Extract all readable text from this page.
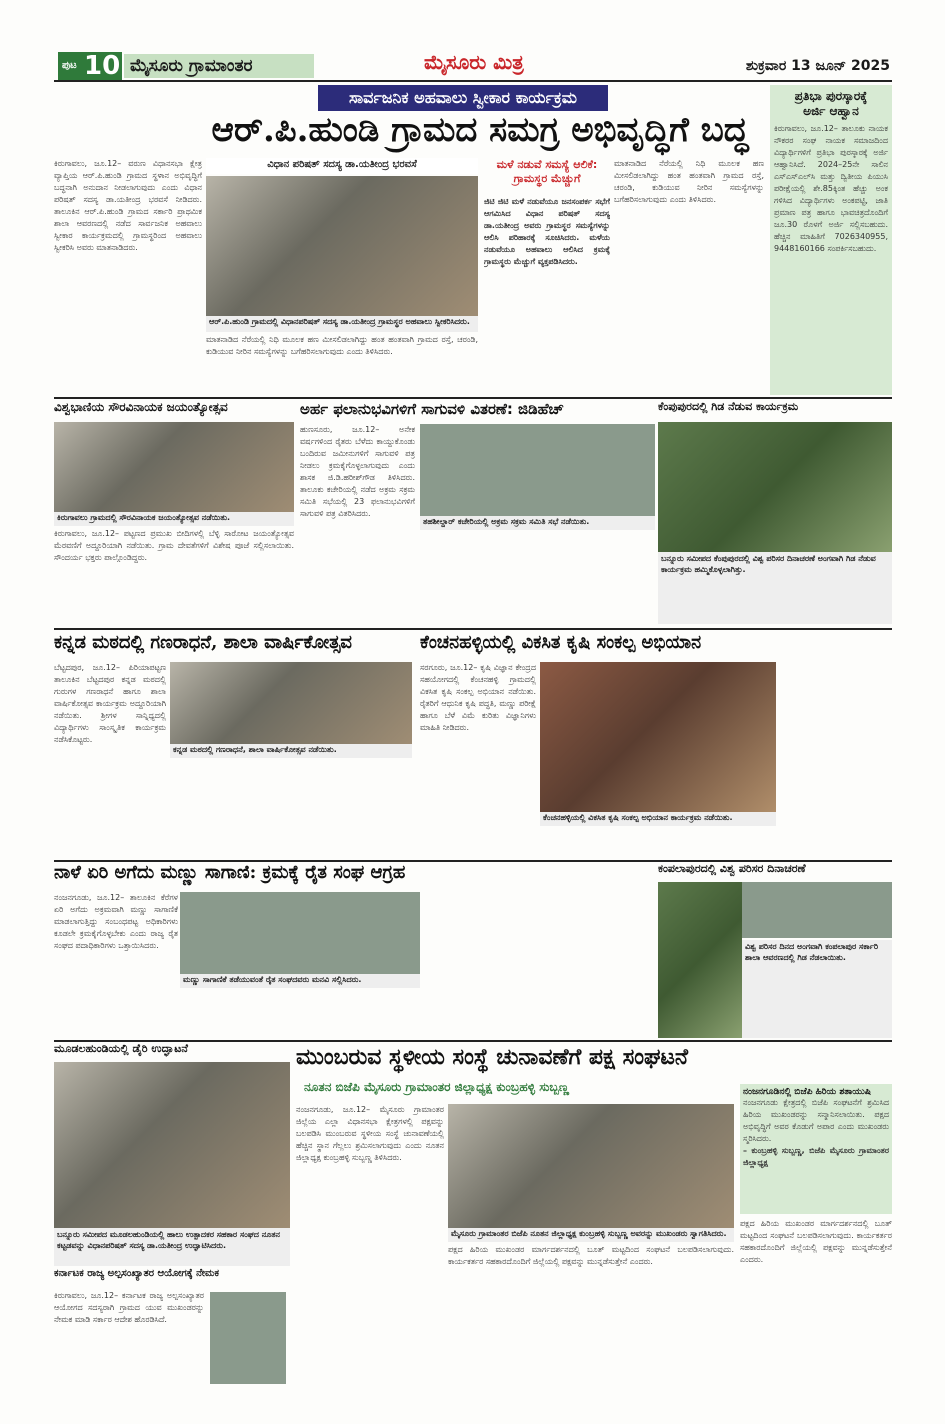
ಪುಟ 10 ಮೈಸೂರು ಗ್ರಾಮಾಂತರ	ಮೈಸೂರು ಮಿತ್ರ	ಶುಕ್ರವಾರ 13 ಜೂನ್ 2025
ಸಾರ್ವಜನಿಕ ಅಹವಾಲು ಸ್ವೀಕಾರ ಕಾರ್ಯಕ್ರಮ
ಆರ್.ಪಿ.ಹುಂಡಿ ಗ್ರಾಮದ ಸಮಗ್ರ ಅಭಿವೃದ್ಧಿಗೆ ಬದ್ಧ
ಕಿರುಗಾವಲು, ಜೂ.12– ವರುಣ ವಿಧಾನಸಭಾ ಕ್ಷೇತ್ರ ವ್ಯಾಪ್ತಿಯ ಆರ್.ಪಿ.ಹುಂಡಿ ಗ್ರಾಮದ ಸ್ಥಳಾನ ಅಭಿವೃದ್ಧಿಗೆ ಬದ್ಧನಾಗಿ ಅನುದಾನ ನೀಡಲಾಗುವುದು ಎಂದು ವಿಧಾನ ಪರಿಷತ್ ಸದಸ್ಯ ಡಾ.ಯತೀಂದ್ರ ಭರವಸೆ ನೀಡಿದರು. ತಾಲೂಕಿನ ಆರ್.ಪಿ.ಹುಂಡಿ ಗ್ರಾಮದ ಸರ್ಕಾರಿ ಪ್ರಾಥಮಿಕ ಶಾಲಾ ಆವರಣದಲ್ಲಿ ನಡೆದ ಸಾರ್ವಜನಿಕ ಅಹವಾಲು ಸ್ವೀಕಾರ ಕಾರ್ಯಕ್ರಮದಲ್ಲಿ ಗ್ರಾಮಸ್ಥರಿಂದ ಅಹವಾಲು ಸ್ವೀಕರಿಸಿ ಅವರು ಮಾತನಾಡಿದರು.
ವಿಧಾನ ಪರಿಷತ್ ಸದಸ್ಯ ಡಾ.ಯತೀಂದ್ರ ಭರವಸೆ
ಆರ್.ಪಿ.ಹುಂಡಿ ಗ್ರಾಮದಲ್ಲಿ ವಿಧಾನಪರಿಷತ್ ಸದಸ್ಯ ಡಾ.ಯತೀಂದ್ರ ಗ್ರಾಮಸ್ಥರ ಅಹವಾಲು ಸ್ವೀಕರಿಸಿದರು.
ಮಾತನಾಡಿದ ನೆರೆಯಲ್ಲಿ ನಿಧಿ ಮೂಲಕ ಹಣ ಮೀಸಲಿಡಲಾಗಿದ್ದು ಹಂತ ಹಂತವಾಗಿ ಗ್ರಾಮದ ರಸ್ತೆ, ಚರಂಡಿ, ಕುಡಿಯುವ ನೀರಿನ ಸಮಸ್ಯೆಗಳನ್ನು ಬಗೆಹರಿಸಲಾಗುವುದು ಎಂದು ತಿಳಿಸಿದರು.
ಮಳೆ ನಡುವೆ ಸಮಸ್ಯೆ ಆಲಿಕೆ: ಗ್ರಾಮಸ್ಥರ ಮೆಚ್ಚುಗೆ
ಜಿಟಿ ಜಿಟಿ ಮಳೆ ನಡುವೆಯೂ ಜನಸಂಪರ್ಕ ಸಭೆಗೆ ಆಗಮಿಸಿದ ವಿಧಾನ ಪರಿಷತ್ ಸದಸ್ಯ ಡಾ.ಯತೀಂದ್ರ ಅವರು ಗ್ರಾಮಸ್ಥರ ಸಮಸ್ಯೆಗಳನ್ನು ಆಲಿಸಿ ಪರಿಹಾರಕ್ಕೆ ಸೂಚಿಸಿದರು. ಮಳೆಯ ನಡುವೆಯೂ ಅಹವಾಲು ಆಲಿಸಿದ ಕ್ರಮಕ್ಕೆ ಗ್ರಾಮಸ್ಥರು ಮೆಚ್ಚುಗೆ ವ್ಯಕ್ತಪಡಿಸಿದರು.
ಮಾತನಾಡಿದ ನೆರೆಯಲ್ಲಿ ನಿಧಿ ಮೂಲಕ ಹಣ ಮೀಸಲಿಡಲಾಗಿದ್ದು ಹಂತ ಹಂತವಾಗಿ ಗ್ರಾಮದ ರಸ್ತೆ, ಚರಂಡಿ, ಕುಡಿಯುವ ನೀರಿನ ಸಮಸ್ಯೆಗಳನ್ನು ಬಗೆಹರಿಸಲಾಗುವುದು ಎಂದು ತಿಳಿಸಿದರು.
ಪ್ರತಿಭಾ ಪುರಸ್ಕಾರಕ್ಕೆ
ಅರ್ಜಿ ಆಹ್ವಾನ
ಕಿರುಗಾವಲು, ಜೂ.12– ತಾಲೂಕು ನಾಯಕ ನೌಕರರ ಸಂಘ ನಾಯಕ ಸಮಾಜದಿಂದ ವಿದ್ಯಾರ್ಥಿಗಳಿಗೆ ಪ್ರತಿಭಾ ಪುರಸ್ಕಾರಕ್ಕೆ ಅರ್ಜಿ ಆಹ್ವಾನಿಸಿದೆ. 2024–25ನೇ ಸಾಲಿನ ಎಸ್‌ಎಸ್‌ಎಲ್‌ಸಿ ಮತ್ತು ದ್ವಿತೀಯ ಪಿಯುಸಿ ಪರೀಕ್ಷೆಯಲ್ಲಿ ಶೇ.85ಕ್ಕಿಂತ ಹೆಚ್ಚು ಅಂಕ ಗಳಿಸಿದ ವಿದ್ಯಾರ್ಥಿಗಳು ಅಂಕಪಟ್ಟಿ, ಜಾತಿ ಪ್ರಮಾಣ ಪತ್ರ ಹಾಗೂ ಭಾವಚಿತ್ರದೊಂದಿಗೆ ಜೂ.30 ರೊಳಗೆ ಅರ್ಜಿ ಸಲ್ಲಿಸಬಹುದು. ಹೆಚ್ಚಿನ ಮಾಹಿತಿಗೆ 7026340955, 9448160166 ಸಂಪರ್ಕಿಸಬಹುದು.
ವಿಶ್ವಭಾಣಿಯ ಸೌರವಿನಾಯಕ ಜಯಂತ್ಯೋತ್ಸವ
ಕಿರುಗಾವಲು ಗ್ರಾಮದಲ್ಲಿ ಸೌರವಿನಾಯಕ ಜಯಂತ್ಯೋತ್ಸವ ನಡೆಯಿತು.
ಕಿರುಗಾವಲು, ಜೂ.12– ಪಟ್ಟಣದ ಪ್ರಮುಖ ಬೀದಿಗಳಲ್ಲಿ ಬೆಳ್ಳಿ ಸಾರೋಟ ಜಯಂತ್ಯೋತ್ಸವ ಮೆರವಣಿಗೆ ಅದ್ದೂರಿಯಾಗಿ ನಡೆಯಿತು. ಗ್ರಾಮ ದೇವತೆಗಳಿಗೆ ವಿಶೇಷ ಪೂಜೆ ಸಲ್ಲಿಸಲಾಯಿತು. ಸೌಂದರ್ಯ ಭಕ್ತರು ಪಾಲ್ಗೊಂಡಿದ್ದರು.
ಅರ್ಹ ಫಲಾನುಭವಿಗಳಿಗೆ ಸಾಗುವಳಿ ವಿತರಣೆ: ಜಿಡಿಹೆಚ್
ಹುಣಸೂರು, ಜೂ.12– ಅನೇಕ ವರ್ಷಗಳಿಂದ ರೈತರು ಬೆಳೆದು ಕಾಯ್ದುಕೊಂಡು ಬಂದಿರುವ ಜಮೀನುಗಳಿಗೆ ಸಾಗುವಳಿ ಪತ್ರ ನೀಡಲು ಕ್ರಮಕೈಗೊಳ್ಳಲಾಗುವುದು ಎಂದು ಶಾಸಕ ಜಿ.ಡಿ.ಹರೀಶ್‌ಗೌಡ ತಿಳಿಸಿದರು. ತಾಲೂಕು ಕಚೇರಿಯಲ್ಲಿ ನಡೆದ ಅಕ್ರಮ ಸಕ್ರಮ ಸಮಿತಿ ಸಭೆಯಲ್ಲಿ 23 ಫಲಾನುಭವಿಗಳಿಗೆ ಸಾಗುವಳಿ ಪತ್ರ ವಿತರಿಸಿದರು.
ತಹಶೀಲ್ದಾರ್ ಕಚೇರಿಯಲ್ಲಿ ಅಕ್ರಮ ಸಕ್ರಮ ಸಮಿತಿ ಸಭೆ ನಡೆಯಿತು.
ಕೆಂಪುಪುರದಲ್ಲಿ ಗಿಡ ನೆಡುವ ಕಾರ್ಯಕ್ರಮ
ಬನ್ನೂರು ಸಮೀಪದ ಕೆಂಪುಪುರದಲ್ಲಿ ವಿಶ್ವ ಪರಿಸರ ದಿನಾಚರಣೆ ಅಂಗವಾಗಿ ಗಿಡ ನೆಡುವ ಕಾರ್ಯಕ್ರಮ ಹಮ್ಮಿಕೊಳ್ಳಲಾಗಿತ್ತು.
ಕನ್ನಡ ಮಠದಲ್ಲಿ ಗಣರಾಧನೆ, ಶಾಲಾ ವಾರ್ಷಿಕೋತ್ಸವ
ಬೆಟ್ಟದಪುರ, ಜೂ.12– ಪಿರಿಯಾಪಟ್ಟಣ ತಾಲೂಕಿನ ಬೆಟ್ಟದಪುರ ಕನ್ನಡ ಮಠದಲ್ಲಿ ಗುರುಗಳ ಗಣರಾಧನೆ ಹಾಗೂ ಶಾಲಾ ವಾರ್ಷಿಕೋತ್ಸವ ಕಾರ್ಯಕ್ರಮ ಅದ್ದೂರಿಯಾಗಿ ನಡೆಯಿತು. ಶ್ರೀಗಳ ಸಾನ್ನಿಧ್ಯದಲ್ಲಿ ವಿದ್ಯಾರ್ಥಿಗಳು ಸಾಂಸ್ಕೃತಿಕ ಕಾರ್ಯಕ್ರಮ ನಡೆಸಿಕೊಟ್ಟರು.
ಕನ್ನಡ ಮಠದಲ್ಲಿ ಗಣರಾಧನೆ, ಶಾಲಾ ವಾರ್ಷಿಕೋತ್ಸವ ನಡೆಯಿತು.
ಕೆಂಚನಹಳ್ಳಿಯಲ್ಲಿ ವಿಕಸಿತ ಕೃಷಿ ಸಂಕಲ್ಪ ಅಭಿಯಾನ
ಸರಗೂರು, ಜೂ.12– ಕೃಷಿ ವಿಜ್ಞಾನ ಕೇಂದ್ರದ ಸಹಯೋಗದಲ್ಲಿ ಕೆಂಚನಹಳ್ಳಿ ಗ್ರಾಮದಲ್ಲಿ ವಿಕಸಿತ ಕೃಷಿ ಸಂಕಲ್ಪ ಅಭಿಯಾನ ನಡೆಯಿತು. ರೈತರಿಗೆ ಆಧುನಿಕ ಕೃಷಿ ಪದ್ಧತಿ, ಮಣ್ಣು ಪರೀಕ್ಷೆ ಹಾಗೂ ಬೆಳೆ ವಿಮೆ ಕುರಿತು ವಿಜ್ಞಾನಿಗಳು ಮಾಹಿತಿ ನೀಡಿದರು.
ಕೆಂಚನಹಳ್ಳಿಯಲ್ಲಿ ವಿಕಸಿತ ಕೃಷಿ ಸಂಕಲ್ಪ ಅಭಿಯಾನ ಕಾರ್ಯಕ್ರಮ ನಡೆಯಿತು.
ನಾಳೆ ಏರಿ ಅಗೆದು ಮಣ್ಣು ಸಾಗಾಣಿ: ಕ್ರಮಕ್ಕೆ ರೈತ ಸಂಘ ಆಗ್ರಹ
ನಂಜನಗೂಡು, ಜೂ.12– ತಾಲೂಕಿನ ಕೆರೆಗಳ ಏರಿ ಅಗೆದು ಅಕ್ರಮವಾಗಿ ಮಣ್ಣು ಸಾಗಾಣಿಕೆ ಮಾಡಲಾಗುತ್ತಿದ್ದು ಸಂಬಂಧಪಟ್ಟ ಅಧಿಕಾರಿಗಳು ಕೂಡಲೇ ಕ್ರಮಕೈಗೊಳ್ಳಬೇಕು ಎಂದು ರಾಜ್ಯ ರೈತ ಸಂಘದ ಪದಾಧಿಕಾರಿಗಳು ಒತ್ತಾಯಿಸಿದರು.
ಮಣ್ಣು ಸಾಗಾಣಿಕೆ ತಡೆಯುವಂತೆ ರೈತ ಸಂಘದವರು ಮನವಿ ಸಲ್ಲಿಸಿದರು.
ಕಂಪಲಾಪುರದಲ್ಲಿ ವಿಶ್ವ ಪರಿಸರ ದಿನಾಚರಣೆ
ವಿಶ್ವ ಪರಿಸರ ದಿನದ ಅಂಗವಾಗಿ ಕಂಪಲಾಪುರ ಸರ್ಕಾರಿ ಶಾಲಾ ಆವರಣದಲ್ಲಿ ಗಿಡ ನೆಡಲಾಯಿತು.
ಮೂಡಲಹುಂಡಿಯಲ್ಲಿ ಡೈರಿ ಉದ್ಘಾಟನೆ
ಬನ್ನೂರು ಸಮೀಪದ ಮೂಡಲಹುಂಡಿಯಲ್ಲಿ ಹಾಲು ಉತ್ಪಾದಕರ ಸಹಕಾರ ಸಂಘದ ನೂತನ ಕಟ್ಟಡವನ್ನು ವಿಧಾನಪರಿಷತ್ ಸದಸ್ಯ ಡಾ.ಯತೀಂದ್ರ ಉದ್ಘಾಟಿಸಿದರು.
ಕರ್ನಾಟಕ ರಾಜ್ಯ ಅಲ್ಪಸಂಖ್ಯಾತರ ಆಯೋಗಕ್ಕೆ ನೇಮಕ
ಕಿರುಗಾವಲು, ಜೂ.12– ಕರ್ನಾಟಕ ರಾಜ್ಯ ಅಲ್ಪಸಂಖ್ಯಾತರ ಆಯೋಗದ ಸದಸ್ಯರಾಗಿ ಗ್ರಾಮದ ಯುವ ಮುಖಂಡರನ್ನು ನೇಮಕ ಮಾಡಿ ಸರ್ಕಾರ ಆದೇಶ ಹೊರಡಿಸಿದೆ.
ಮುಂಬರುವ ಸ್ಥಳೀಯ ಸಂಸ್ಥೆ ಚುನಾವಣೆಗೆ ಪಕ್ಷ ಸಂಘಟನೆ
ನೂತನ ಬಿಜೆಪಿ ಮೈಸೂರು ಗ್ರಾಮಾಂತರ ಜಿಲ್ಲಾಧ್ಯಕ್ಷ ಕುಂಬ್ರಹಳ್ಳಿ ಸುಬ್ಬಣ್ಣ
ನಂಜನಗೂಡು, ಜೂ.12– ಮೈಸೂರು ಗ್ರಾಮಾಂತರ ಜಿಲ್ಲೆಯ ಎಲ್ಲಾ ವಿಧಾನಸಭಾ ಕ್ಷೇತ್ರಗಳಲ್ಲಿ ಪಕ್ಷವನ್ನು ಬಲಪಡಿಸಿ ಮುಂಬರುವ ಸ್ಥಳೀಯ ಸಂಸ್ಥೆ ಚುನಾವಣೆಯಲ್ಲಿ ಹೆಚ್ಚಿನ ಸ್ಥಾನ ಗೆಲ್ಲಲು ಶ್ರಮಿಸಲಾಗುವುದು ಎಂದು ನೂತನ ಜಿಲ್ಲಾಧ್ಯಕ್ಷ ಕುಂಬ್ರಹಳ್ಳಿ ಸುಬ್ಬಣ್ಣ ತಿಳಿಸಿದರು.
ಮೈಸೂರು ಗ್ರಾಮಾಂತರ ಬಿಜೆಪಿ ನೂತನ ಜಿಲ್ಲಾಧ್ಯಕ್ಷ ಕುಂಬ್ರಹಳ್ಳಿ ಸುಬ್ಬಣ್ಣ ಅವರನ್ನು ಮುಖಂಡರು ಸ್ವಾಗತಿಸಿದರು.
ಪಕ್ಷದ ಹಿರಿಯ ಮುಖಂಡರ ಮಾರ್ಗದರ್ಶನದಲ್ಲಿ ಬೂತ್ ಮಟ್ಟದಿಂದ ಸಂಘಟನೆ ಬಲಪಡಿಸಲಾಗುವುದು. ಕಾರ್ಯಕರ್ತರ ಸಹಕಾರದೊಂದಿಗೆ ಜಿಲ್ಲೆಯಲ್ಲಿ ಪಕ್ಷವನ್ನು ಮುನ್ನಡೆಸುತ್ತೇನೆ ಎಂದರು.
ನಂಜನಗೂಡಿನಲ್ಲಿ ಬಿಜೆಪಿ ಹಿರಿಯ ಶತಾಯುಷಿ
ನಂಜನಗೂಡು ಕ್ಷೇತ್ರದಲ್ಲಿ ಬಿಜೆಪಿ ಸಂಘಟನೆಗೆ ಶ್ರಮಿಸಿದ ಹಿರಿಯ ಮುಖಂಡರನ್ನು ಸನ್ಮಾನಿಸಲಾಯಿತು. ಪಕ್ಷದ ಅಭಿವೃದ್ಧಿಗೆ ಅವರ ಕೊಡುಗೆ ಅಪಾರ ಎಂದು ಮುಖಂಡರು ಸ್ಮರಿಸಿದರು.
– ಕುಂಬ್ರಹಳ್ಳಿ ಸುಬ್ಬಣ್ಣ, ಬಿಜೆಪಿ ಮೈಸೂರು ಗ್ರಾಮಾಂತರ ಜಿಲ್ಲಾಧ್ಯಕ್ಷ
ಪಕ್ಷದ ಹಿರಿಯ ಮುಖಂಡರ ಮಾರ್ಗದರ್ಶನದಲ್ಲಿ ಬೂತ್ ಮಟ್ಟದಿಂದ ಸಂಘಟನೆ ಬಲಪಡಿಸಲಾಗುವುದು. ಕಾರ್ಯಕರ್ತರ ಸಹಕಾರದೊಂದಿಗೆ ಜಿಲ್ಲೆಯಲ್ಲಿ ಪಕ್ಷವನ್ನು ಮುನ್ನಡೆಸುತ್ತೇನೆ ಎಂದರು.
